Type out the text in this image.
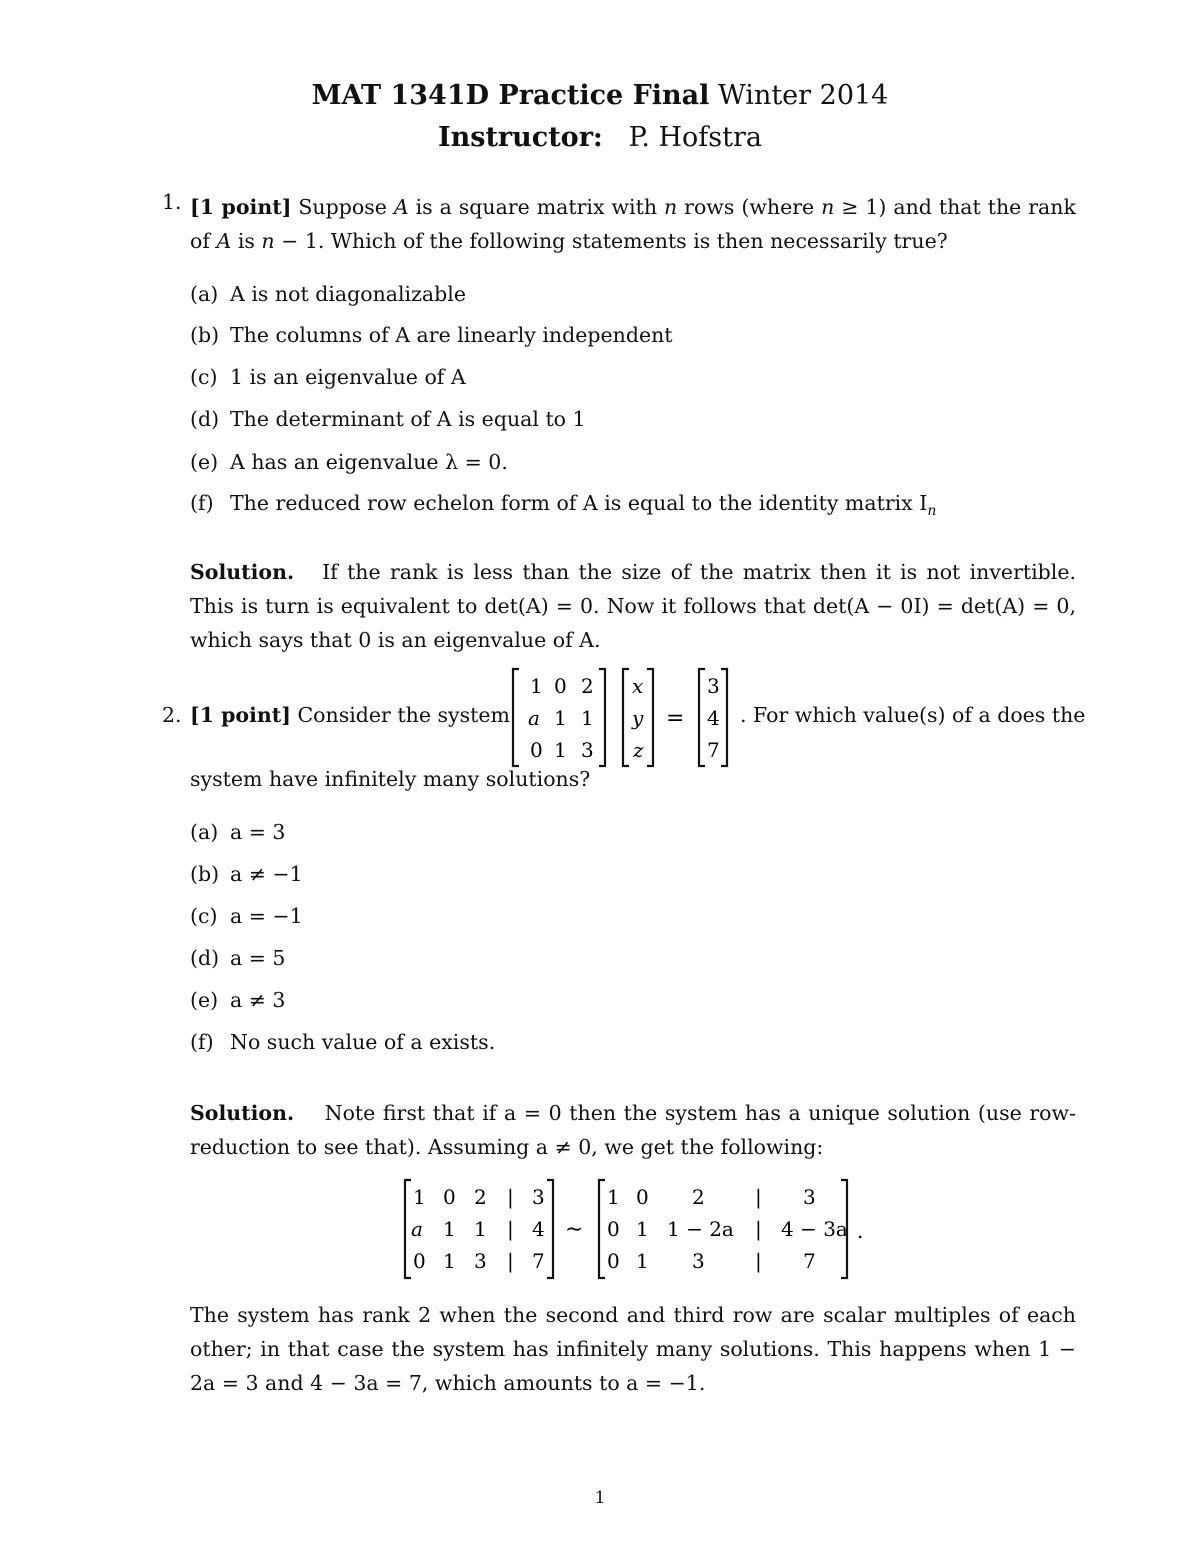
MAT 1341D Practice Final Winter 2014
Instructor: P. Hofstra
1. [1 point] Suppose A is a square matrix with n rows (where n ≥ 1) and that the rank of A is n − 1. Which of the following statements is then necessarily true?
(a) A is not diagonalizable
(b) The columns of A are linearly independent
(c) 1 is an eigenvalue of A
(d) The determinant of A is equal to 1
(e) A has an eigenvalue λ = 0.
(f) The reduced row echelon form of A is equal to the identity matrix $I_n$
Solution. If the rank is less than the size of the matrix then it is not invertible. This is turn is equivalent to det(A) = 0. Now it follows that det(A − 0I) = det(A) = 0, which says that 0 is an eigenvalue of A.
2. [1 point] Consider the system
1 0 2
a 1 1
0 1 3
x
y
z
=
3
4
7
. For which value(s) of a does the
system have infinitely many solutions?
(a) a = 3
(b) a ≠ −1
(c) a = −1
(d) a = 5
(e) a ≠ 3
(f) No such value of a exists.
Solution. Note first that if a = 0 then the system has a unique solution (use row-reduction to see that). Assuming a ≠ 0, we get the following:
1 0 2 | 3
a 1 1 | 4
0 1 3 | 7
∼
1 0 2	| 3
0 1 1 − 2a | 4 − 3a
0 1 3	| 7
.
The system has rank 2 when the second and third row are scalar multiples of each other; in that case the system has infinitely many solutions. This happens when 1 − 2a = 3 and 4 − 3a = 7, which amounts to a = −1.
1
